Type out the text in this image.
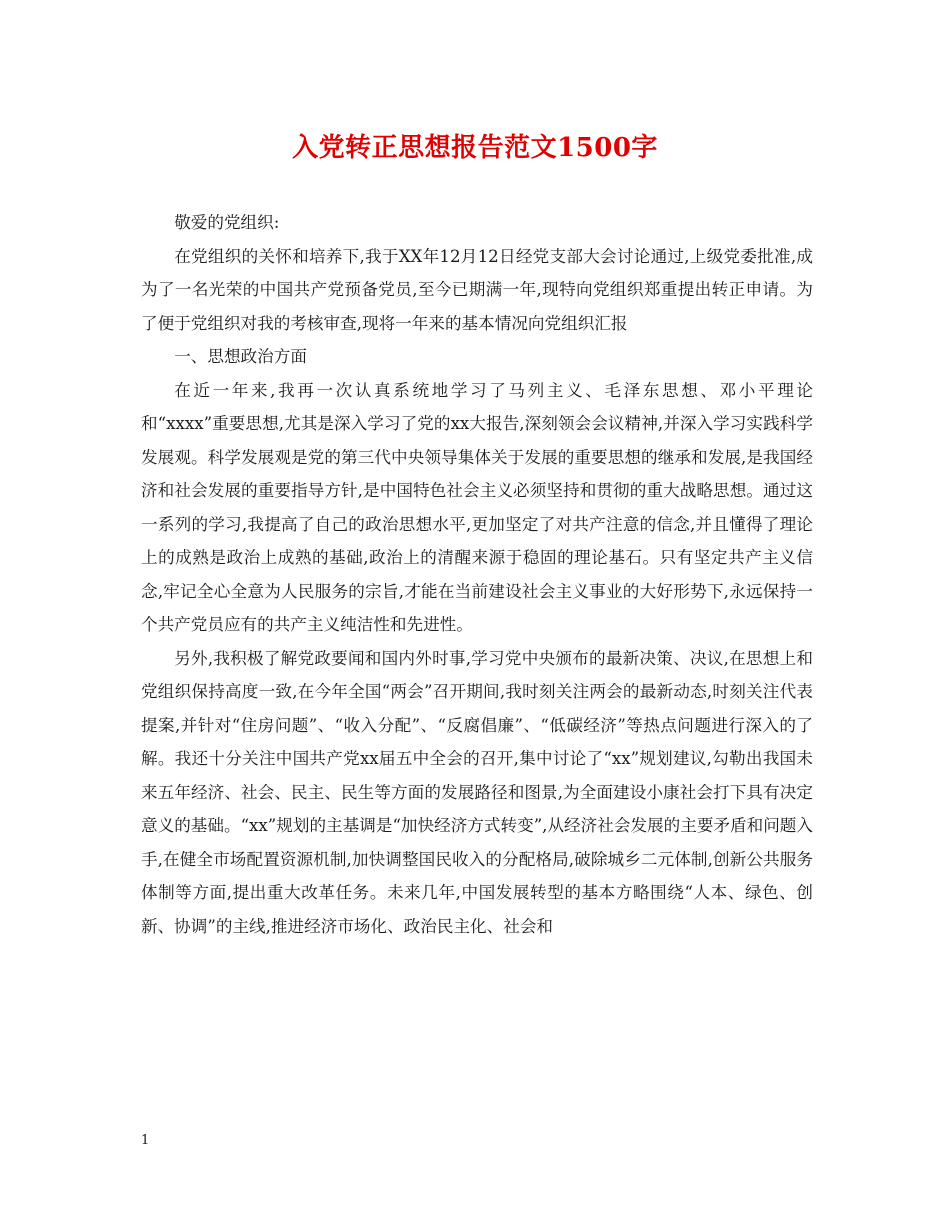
入党转正思想报告范文1500字

敬爱的党组织:

在党组织的关怀和培养下,我于XX年12月12日经党支部大会讨论通过,上级党委批准,成为了一名光荣的中国共产党预备党员,至今已期满一年,现特向党组织郑重提出转正申请。为了便于党组织对我的考核审查,现将一年来的基本情况向党组织汇报

一、思想政治方面

在近一年来,我再一次认真系统地学习了马列主义、毛泽东思想、邓小平理论和“xxxx”重要思想,尤其是深入学习了党的xx大报告,深刻领会会议精神,并深入学习实践科学发展观。科学发展观是党的第三代中央领导集体关于发展的重要思想的继承和发展,是我国经济和社会发展的重要指导方针,是中国特色社会主义必须坚持和贯彻的重大战略思想。通过这一系列的学习,我提高了自己的政治思想水平,更加坚定了对共产注意的信念,并且懂得了理论上的成熟是政治上成熟的基础,政治上的清醒来源于稳固的理论基石。只有坚定共产主义信念,牢记全心全意为人民服务的宗旨,才能在当前建设社会主义事业的大好形势下,永远保持一个共产党员应有的共产主义纯洁性和先进性。

另外,我积极了解党政要闻和国内外时事,学习党中央颁布的最新决策、决议,在思想上和党组织保持高度一致,在今年全国“两会”召开期间,我时刻关注两会的最新动态,时刻关注代表提案,并针对“住房问题”、“收入分配”、“反腐倡廉”、“低碳经济”等热点问题进行深入的了解。我还十分关注中国共产党xx届五中全会的召开,集中讨论了“xx”规划建议,勾勒出我国未来五年经济、社会、民主、民生等方面的发展路径和图景,为全面建设小康社会打下具有决定意义的基础。“xx”规划的主基调是“加快经济方式转变”,从经济社会发展的主要矛盾和问题入手,在健全市场配置资源机制,加快调整国民收入的分配格局,破除城乡二元体制,创新公共服务体制等方面,提出重大改革任务。未来几年,中国发展转型的基本方略围绕“人本、绿色、创新、协调”的主线,推进经济市场化、政治民主化、社会和

1
